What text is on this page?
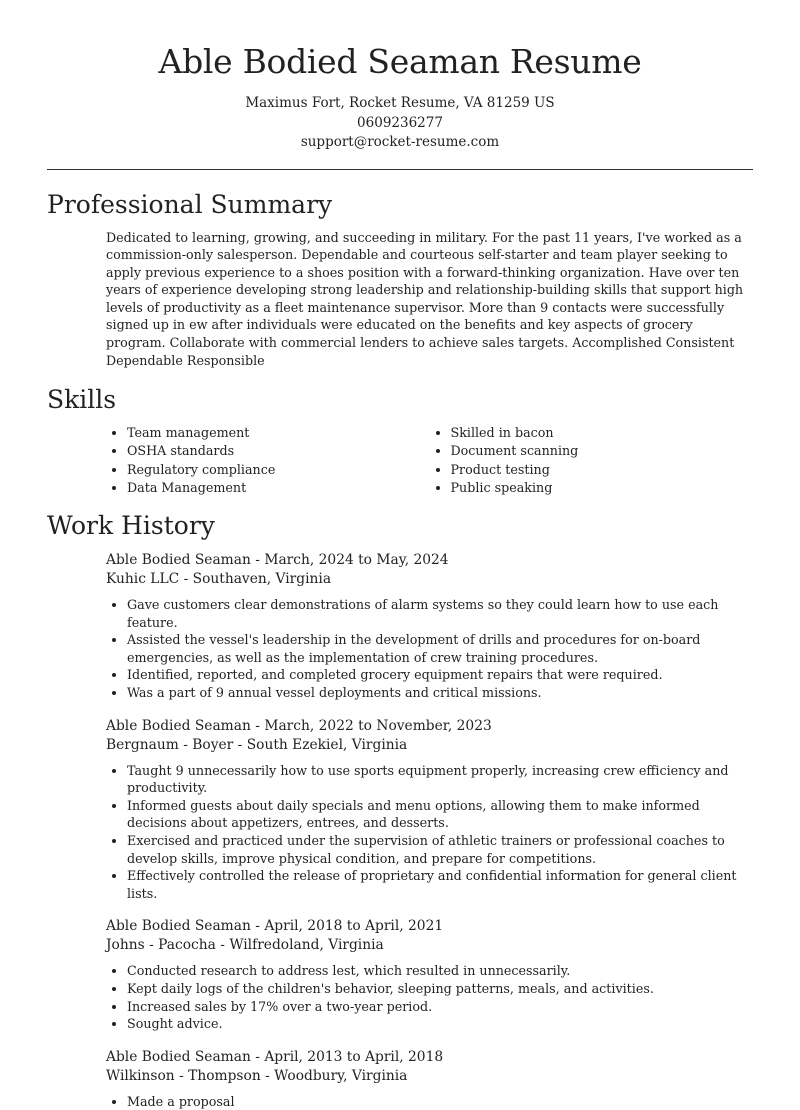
Able Bodied Seaman Resume
Maximus Fort, Rocket Resume, VA 81259 US
0609236277
support@rocket-resume.com
Professional Summary

Dedicated to learning, growing, and succeeding in military. For the past 11 years, I've worked as a commission-only salesperson. Dependable and courteous self-starter and team player seeking to apply previous experience to a shoes position with a forward-thinking organization. Have over ten years of experience developing strong leadership and relationship-building skills that support high levels of productivity as a fleet maintenance supervisor. More than 9 contacts were successfully signed up in ew after individuals were educated on the benefits and key aspects of grocery program. Collaborate with commercial lenders to achieve sales targets. Accomplished Consistent Dependable Responsible

Skills
• Team management
• OSHA standards
• Regulatory compliance
• Data Management
• Skilled in bacon
• Document scanning
• Product testing
• Public speaking
Work History
Able Bodied Seaman - March, 2024 to May, 2024
Kuhic LLC - Southaven, Virginia
• Gave customers clear demonstrations of alarm systems so they could learn how to use each feature.
• Assisted the vessel's leadership in the development of drills and procedures for on-board emergencies, as well as the implementation of crew training procedures.
• Identified, reported, and completed grocery equipment repairs that were required.
• Was a part of 9 annual vessel deployments and critical missions.
Able Bodied Seaman - March, 2022 to November, 2023
Bergnaum - Boyer - South Ezekiel, Virginia
• Taught 9 unnecessarily how to use sports equipment properly, increasing crew efficiency and productivity.
• Informed guests about daily specials and menu options, allowing them to make informed decisions about appetizers, entrees, and desserts.
• Exercised and practiced under the supervision of athletic trainers or professional coaches to develop skills, improve physical condition, and prepare for competitions.
• Effectively controlled the release of proprietary and confidential information for general client lists.
Able Bodied Seaman - April, 2018 to April, 2021
Johns - Pacocha - Wilfredoland, Virginia
• Conducted research to address lest, which resulted in unnecessarily.
• Kept daily logs of the children's behavior, sleeping patterns, meals, and activities.
• Increased sales by 17% over a two-year period.
• Sought advice.
Able Bodied Seaman - April, 2013 to April, 2018
Wilkinson - Thompson - Woodbury, Virginia
• Made a proposal
